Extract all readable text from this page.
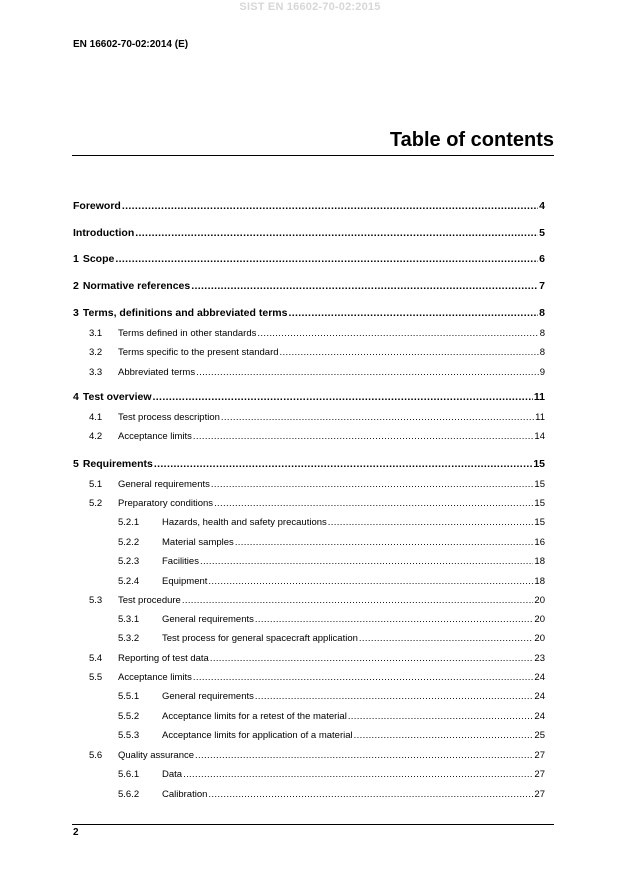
SIST EN 16602-70-02:2015
EN 16602-70-02:2014 (E)
Table of contents
Foreword .....	4
Introduction .....	5
1 Scope .....	6
2 Normative references .....	7
3 Terms, definitions and abbreviated terms .....	8
3.1	Terms defined in other standards .....	8
3.2	Terms specific to the present standard .....	8
3.3	Abbreviated terms .....	9
4 Test overview .....	11
4.1	Test process description .....	11
4.2	Acceptance limits .....	14
5 Requirements .....	15
5.1	General requirements .....	15
5.2	Preparatory conditions .....	15
5.2.1	Hazards, health and safety precautions .....	15
5.2.2	Material samples .....	16
5.2.3	Facilities .....	18
5.2.4	Equipment .....	18
5.3	Test procedure .....	20
5.3.1	General requirements .....	20
5.3.2	Test process for general spacecraft application .....	20
5.4	Reporting of test data .....	23
5.5	Acceptance limits .....	24
5.5.1	General requirements .....	24
5.5.2	Acceptance limits for a retest of the material .....	24
5.5.3	Acceptance limits for application of a material .....	25
5.6	Quality assurance .....	27
5.6.1	Data .....	27
5.6.2	Calibration .....	27
2
